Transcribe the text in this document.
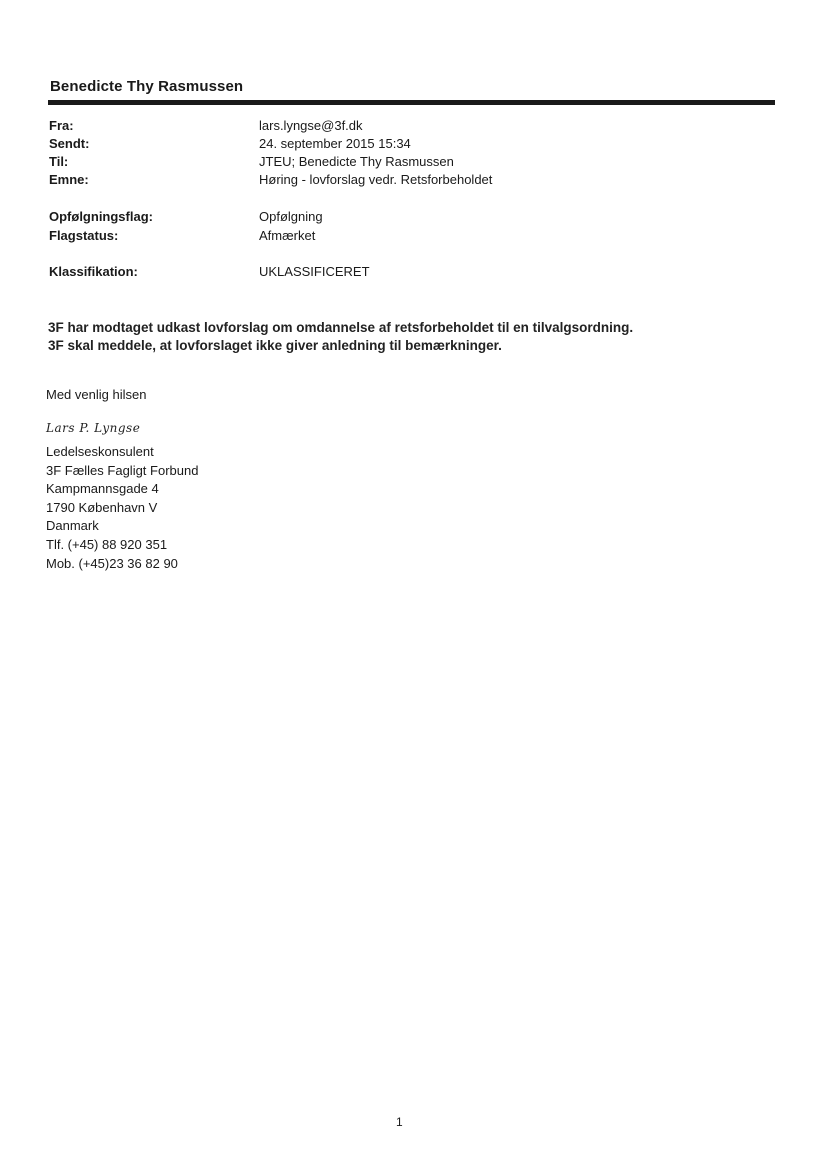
Benedicte Thy Rasmussen
Fra:	lars.lyngse@3f.dk
Sendt:	24. september 2015 15:34
Til:	JTEU; Benedicte Thy Rasmussen
Emne:	Høring - lovforslag vedr. Retsforbeholdet
Opfølgningsflag:	Opfølgning
Flagstatus:	Afmærket
Klassifikation:	UKLASSIFICERET
3F har modtaget udkast lovforslag om omdannelse af retsforbeholdet til en tilvalgsordning.
3F skal meddele, at lovforslaget ikke giver anledning til bemærkninger.
Med venlig hilsen
Lars P. Lyngse
Ledelseskonsulent
3F Fælles Fagligt Forbund
Kampmannsgade 4
1790 København V
Danmark
Tlf. (+45) 88 920 351
Mob. (+45)23 36 82 90
1
